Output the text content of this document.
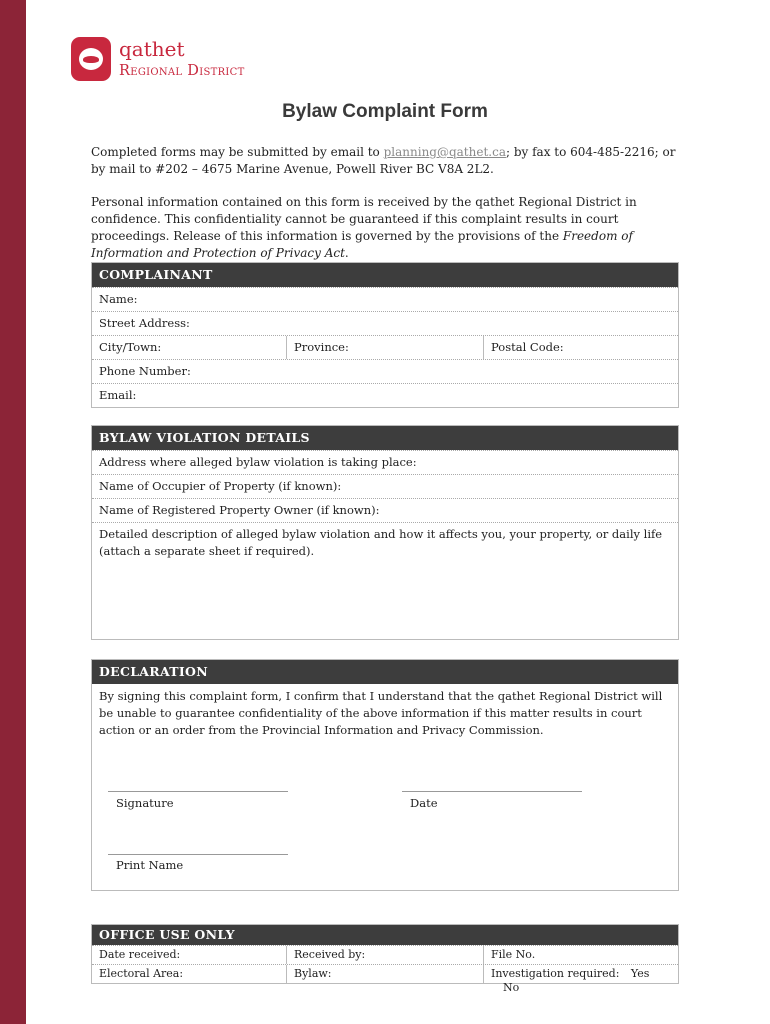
qathet
Regional District
Bylaw Complaint Form
Completed forms may be submitted by email to planning@qathet.ca; by fax to 604-485-2216; or by mail to #202 – 4675 Marine Avenue, Powell River BC V8A 2L2.
Personal information contained on this form is received by the qathet Regional District in confidence. This confidentiality cannot be guaranteed if this complaint results in court proceedings. Release of this information is governed by the provisions of the Freedom of Information and Protection of Privacy Act.
COMPLAINANT
Name:
Street Address:
City/Town:	Province:	Postal Code:
Phone Number:
Email:
BYLAW VIOLATION DETAILS
Address where alleged bylaw violation is taking place:
Name of Occupier of Property (if known):
Name of Registered Property Owner (if known):
Detailed description of alleged bylaw violation and how it affects you, your property, or daily life (attach a separate sheet if required).
DECLARATION
By signing this complaint form, I confirm that I understand that the qathet Regional District will be unable to guarantee confidentiality of the above information if this matter results in court action or an order from the Provincial Information and Privacy Commission.
Signature	Date
Print Name
OFFICE USE ONLY
Date received:	Received by:	File No.
Electoral Area:	Bylaw:	Investigation required: Yes No
